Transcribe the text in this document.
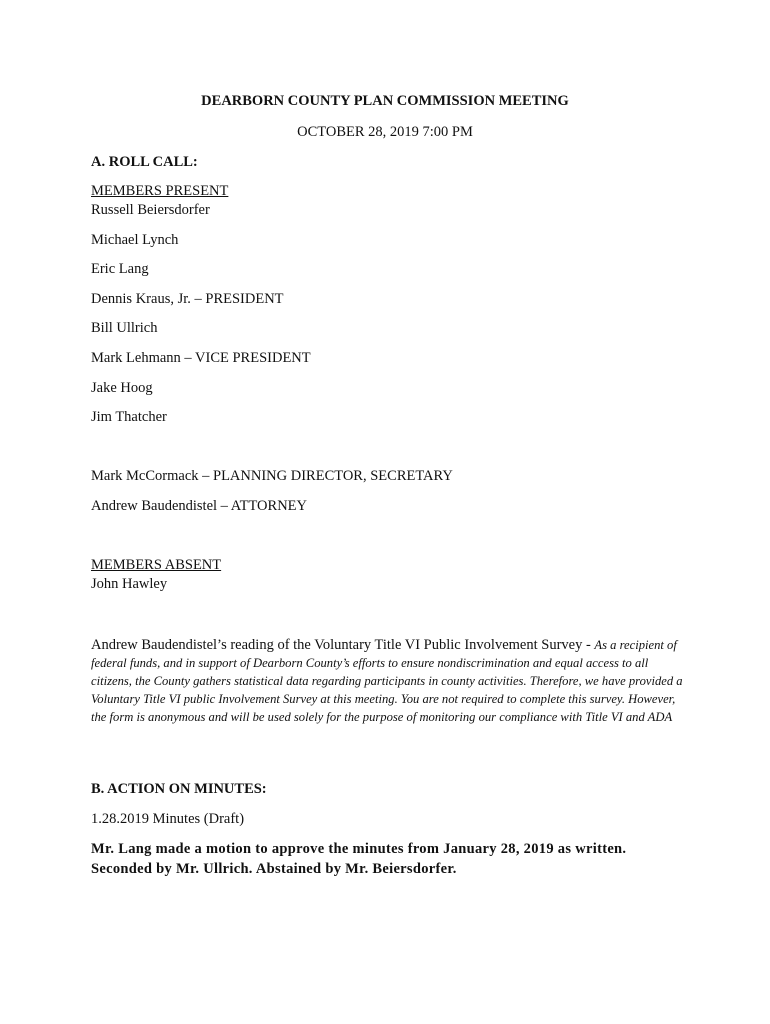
DEARBORN COUNTY PLAN COMMISSION MEETING
OCTOBER 28, 2019 7:00 PM
A. ROLL CALL:
MEMBERS PRESENT
Russell Beiersdorfer
Michael Lynch
Eric Lang
Dennis Kraus, Jr. – PRESIDENT
Bill Ullrich
Mark Lehmann – VICE PRESIDENT
Jake Hoog
Jim Thatcher
Mark McCormack – PLANNING DIRECTOR, SECRETARY
Andrew Baudendistel – ATTORNEY
MEMBERS ABSENT
John Hawley
Andrew Baudendistel’s reading of the Voluntary Title VI Public Involvement Survey - As a recipient of federal funds, and in support of Dearborn County’s efforts to ensure nondiscrimination and equal access to all citizens, the County gathers statistical data regarding participants in county activities. Therefore, we have provided a Voluntary Title VI public Involvement Survey at this meeting. You are not required to complete this survey. However, the form is anonymous and will be used solely for the purpose of monitoring our compliance with Title VI and ADA
B. ACTION ON MINUTES:
1.28.2019 Minutes (Draft)
Mr. Lang made a motion to approve the minutes from January 28, 2019 as written.
Seconded by Mr. Ullrich. Abstained by Mr. Beiersdorfer.
